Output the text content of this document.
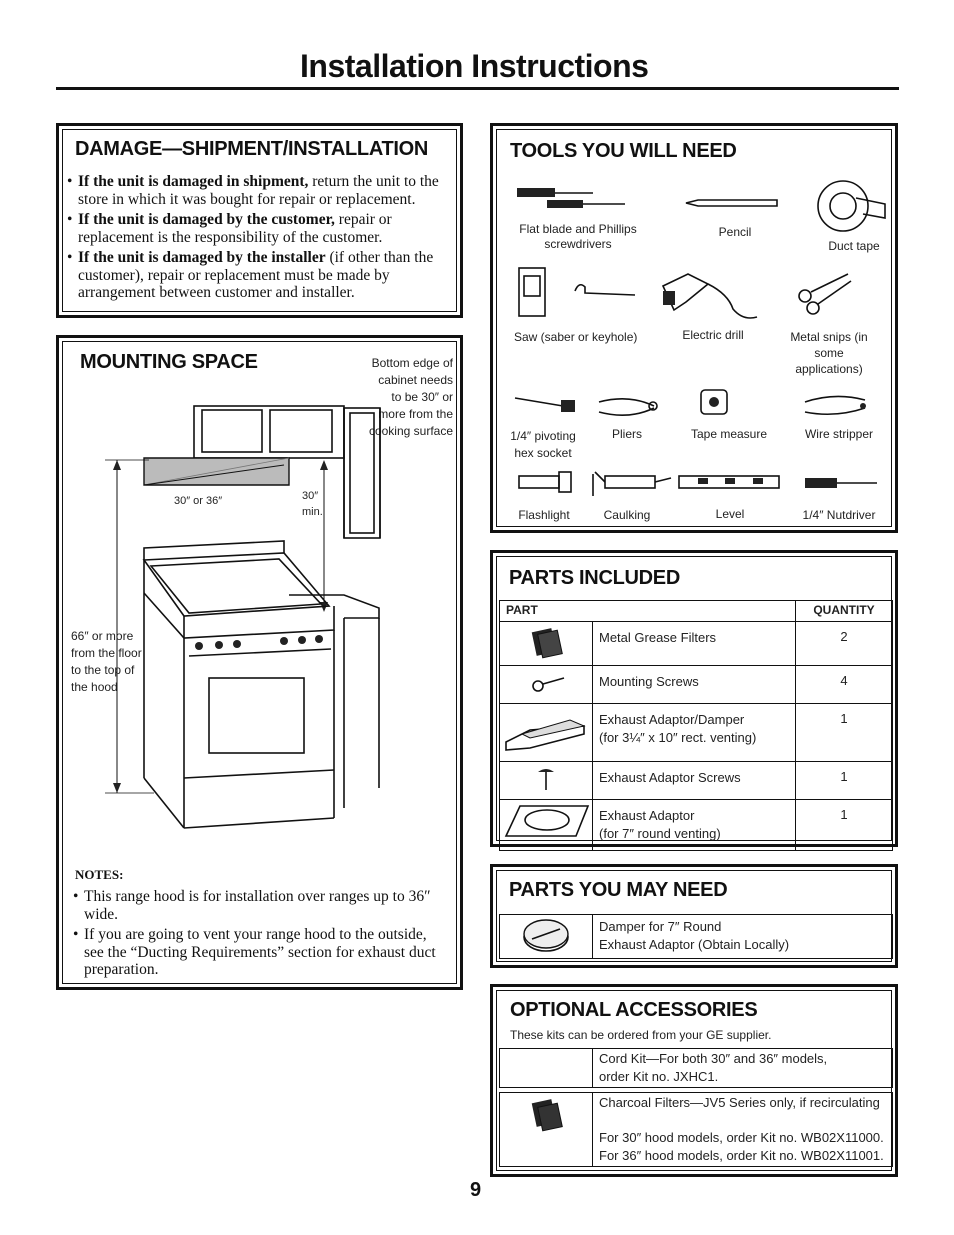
Installation Instructions
DAMAGE—SHIPMENT/INSTALLATION
• If the unit is damaged in shipment, return the unit to the store in which it was bought for repair or replacement.
• If the unit is damaged by the customer, repair or replacement is the responsibility of the customer.
• If the unit is damaged by the installer (if other than the customer), repair or replacement must be made by arrangement between customer and installer.
MOUNTING SPACE	Bottom edge of cabinet needs to be 30″ or more from the cooking surface
30″ or 36″	30″
min.
66″ or more from the floor to the top of the hood
NOTES:
• This range hood is for installation over ranges up to 36″ wide.
• If you are going to vent your range hood to the outside, see the “Ducting Requirements” section for exhaust duct preparation.
TOOLS YOU WILL NEED
Flat blade and Phillips screwdrivers
Pencil
Duct tape
Saw (saber or keyhole)	Electric drill	Metal snips (in some applications)
1/4″ pivoting hex socket
Pliers	Tape measure	Wire stripper
Flashlight	Caulking	Level	1/4″ Nutdriver
PARTS INCLUDED
PART		QUANTITY

Metal Grease Filters	2

Mounting Screws	4

Exhaust Adaptor/Damper
(for 3¼″ x 10″ rect. venting)	1

Exhaust Adaptor Screws	1

Exhaust Adaptor
(for 7″ round venting)	1
PARTS YOU MAY NEED

Damper for 7″ Round
Exhaust Adaptor (Obtain Locally)
OPTIONAL ACCESSORIES
These kits can be ordered from your GE supplier.

Cord Kit—For both 30″ and 36″ models,
order Kit no. JXHC1.

Charcoal Filters—JV5 Series only, if recirculating
For 30″ hood models, order Kit no. WB02X11000.
For 36″ hood models, order Kit no. WB02X11001.
9
